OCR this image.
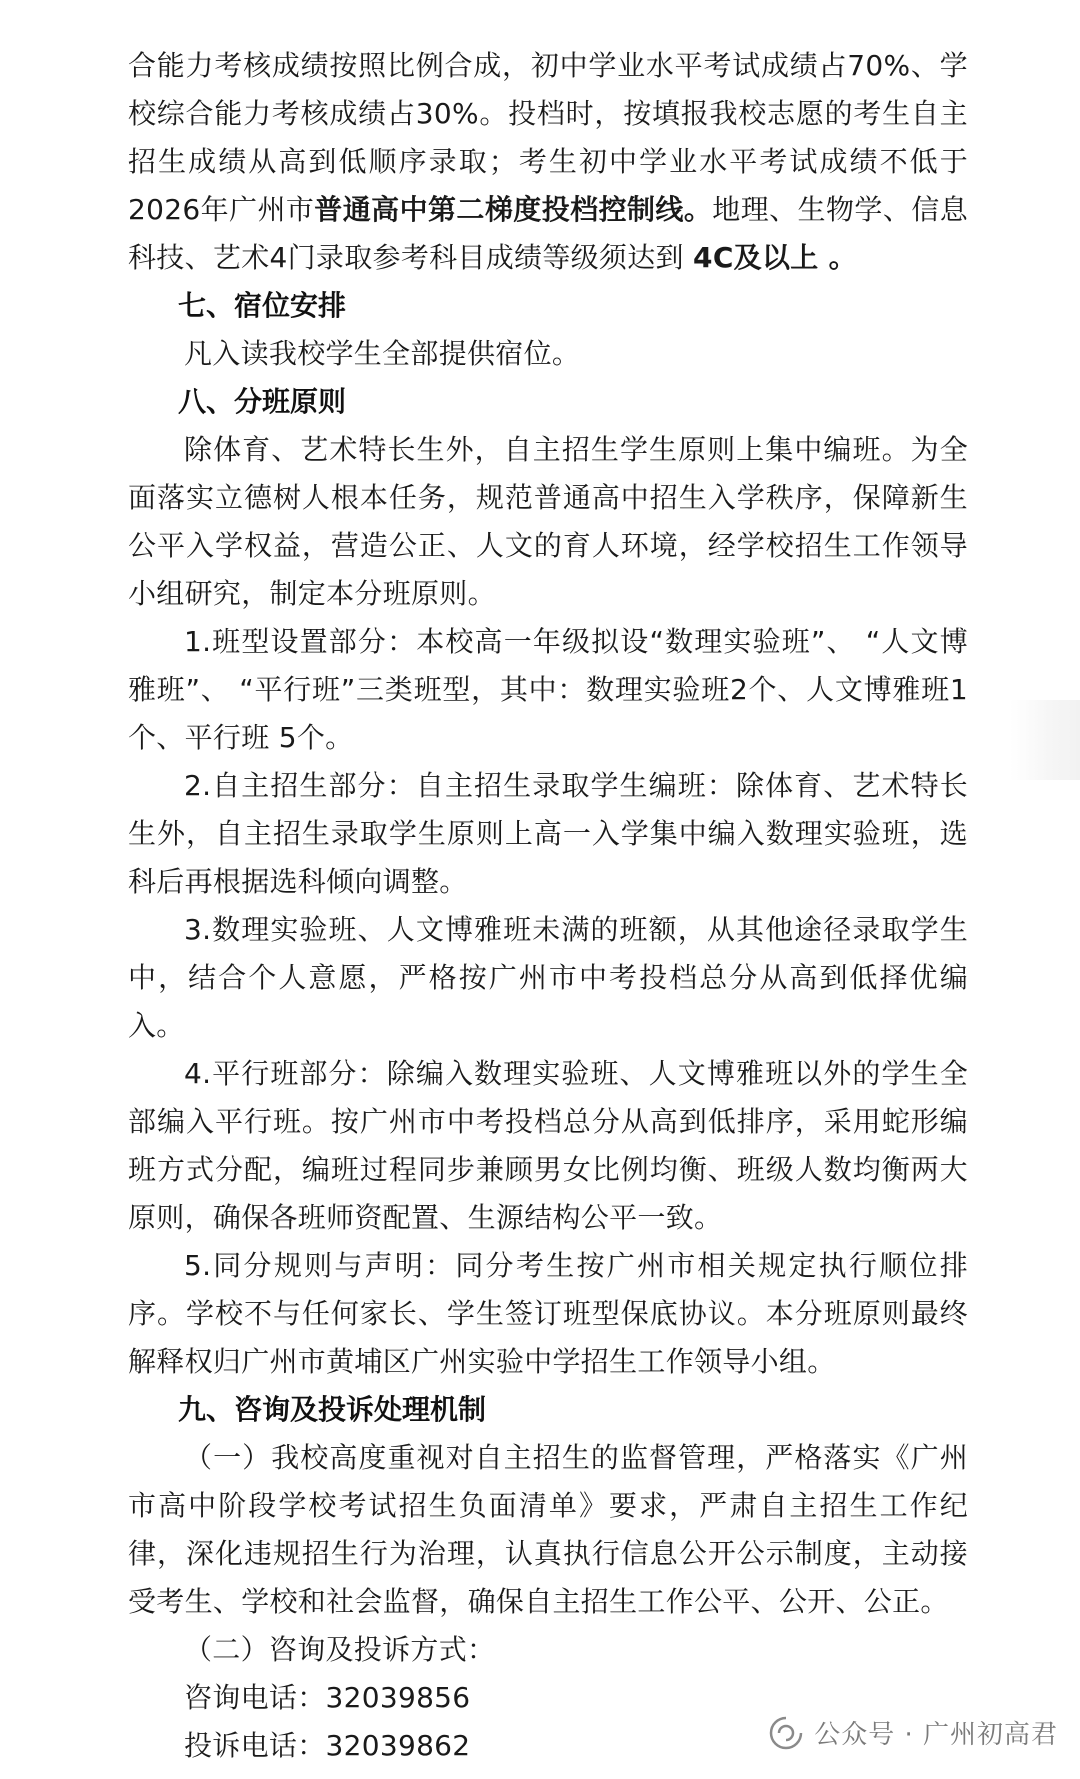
合能力考核成绩按照比例合成，初中学业水平考试成绩占70%、学校综合能力考核成绩占30%。投档时，按填报我校志愿的考生自主招生成绩从高到低顺序录取；考生初中学业水平考试成绩不低于2026年广州市普通高中第二梯度投档控制线。地理、生物学、信息科技、艺术4门录取参考科目成绩等级须达到 4C及以上 。

七、宿位安排

凡入读我校学生全部提供宿位。

八、分班原则

除体育、艺术特长生外，自主招生学生原则上集中编班。为全面落实立德树人根本任务，规范普通高中招生入学秩序，保障新生公平入学权益，营造公正、人文的育人环境，经学校招生工作领导小组研究，制定本分班原则。

1.班型设置部分：本校高一年级拟设“数理实验班”、 “人文博雅班”、 “平行班”三类班型，其中：数理实验班2个、人文博雅班1个、平行班 5个。

2.自主招生部分：自主招生录取学生编班：除体育、艺术特长生外，自主招生录取学生原则上高一入学集中编入数理实验班，选科后再根据选科倾向调整。

3.数理实验班、人文博雅班未满的班额，从其他途径录取学生中，结合个人意愿，严格按广州市中考投档总分从高到低择优编入。

4.平行班部分：除编入数理实验班、人文博雅班以外的学生全部编入平行班。按广州市中考投档总分从高到低排序，采用蛇形编班方式分配，编班过程同步兼顾男女比例均衡、班级人数均衡两大原则，确保各班师资配置、生源结构公平一致。

5.同分规则与声明：同分考生按广州市相关规定执行顺位排序。学校不与任何家长、学生签订班型保底协议。本分班原则最终解释权归广州市黄埔区广州实验中学招生工作领导小组。

九、咨询及投诉处理机制

（一）我校高度重视对自主招生的监督管理，严格落实《广州市高中阶段学校考试招生负面清单》要求，严肃自主招生工作纪律，深化违规招生行为治理，认真执行信息公开公示制度，主动接受考生、学校和社会监督，确保自主招生工作公平、公开、公正。

（二）咨询及投诉方式：

咨询电话：32039856

投诉电话：32039862	公众号 · 广州初高君
